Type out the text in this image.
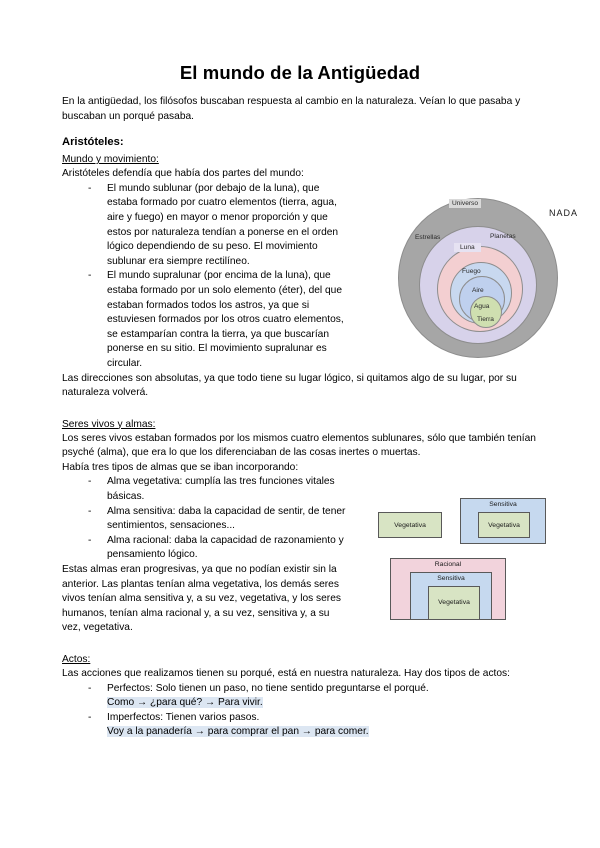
El mundo de la Antigüedad

En la antigüedad, los filósofos buscaban respuesta al cambio en la naturaleza. Veían lo que pasaba y buscaban un porqué pasaba.

Aristóteles:
Mundo y movimiento:
Aristóteles defendía que había dos partes del mundo:
- El mundo sublunar (por debajo de la luna), que estaba formado por cuatro elementos (tierra, agua, aire y fuego) en mayor o menor proporción y que estos por naturaleza tendían a ponerse en el orden lógico dependiendo de su peso. El movimiento sublunar era siempre rectilíneo.
- El mundo supralunar (por encima de la luna), que estaba formado por un solo elemento (éter), del que estaban formados todos los astros, ya que si estuviesen formados por los otros cuatro elementos, se estamparían contra la tierra, ya que buscarían ponerse en su sitio. El movimiento supralunar es circular.
Las direcciones son absolutas, ya que todo tiene su lugar lógico, si quitamos algo de su lugar, por su naturaleza volverá.
Seres vivos y almas:
Los seres vivos estaban formados por los mismos cuatro elementos sublunares, sólo que también tenían psyché (alma), que era lo que los diferenciaban de las cosas inertes o muertas.
Había tres tipos de almas que se iban incorporando:
- Alma vegetativa: cumplía las tres funciones vitales básicas.
- Alma sensitiva: daba la capacidad de sentir, de tener sentimientos, sensaciones...
- Alma racional: daba la capacidad de razonamiento y pensamiento lógico.
Estas almas eran progresivas, ya que no podían existir sin la anterior. Las plantas tenían alma vegetativa, los demás seres vivos tenían alma sensitiva y, a su vez, vegetativa, y los seres humanos, tenían alma racional y, a su vez, sensitiva y, a su vez, vegetativa.
Actos:
Las acciones que realizamos tienen su porqué, está en nuestra naturaleza. Hay dos tipos de actos:
- Perfectos: Solo tienen un paso, no tiene sentido preguntarse el porqué.
Como → ¿para qué? → Para vivir.
- Imperfectos: Tienen varios pasos.
Voy a la panadería → para comprar el pan → para comer.
Universo
Estrellas	Planetas
Luna
Fuego
Aire
Agua
Tierra
NADA
Vegetativa
Sensitiva
Vegetativa
Racional
Sensitiva
Vegetativa
